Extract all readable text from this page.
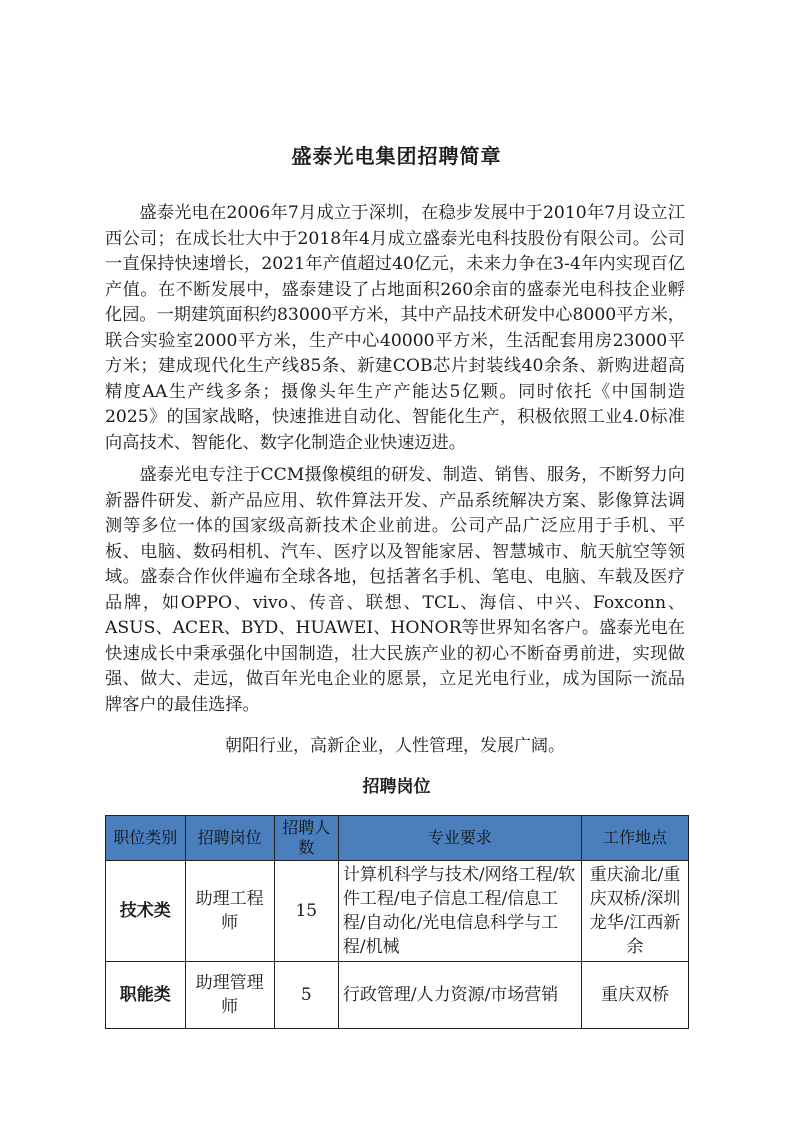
盛泰光电集团招聘简章

盛泰光电在2006年7月成立于深圳，在稳步发展中于2010年7月设立江西公司；在成长壮大中于2018年4月成立盛泰光电科技股份有限公司。公司一直保持快速增长，2021年产值超过40亿元，未来力争在3-4年内实现百亿产值。在不断发展中，盛泰建设了占地面积260余亩的盛泰光电科技企业孵化园。一期建筑面积约83000平方米，其中产品技术研发中心8000平方米，联合实验室2000平方米，生产中心40000平方米，生活配套用房23000平方米；建成现代化生产线85条、新建COB芯片封装线40余条、新购进超高精度AA生产线多条；摄像头年生产产能达5亿颗。同时依托《中国制造2025》的国家战略，快速推进自动化、智能化生产，积极依照工业4.0标准向高技术、智能化、数字化制造企业快速迈进。

盛泰光电专注于CCM摄像模组的研发、制造、销售、服务，不断努力向新器件研发、新产品应用、软件算法开发、产品系统解决方案、影像算法调测等多位一体的国家级高新技术企业前进。公司产品广泛应用于手机、平板、电脑、数码相机、汽车、医疗以及智能家居、智慧城市、航天航空等领域。盛泰合作伙伴遍布全球各地，包括著名手机、笔电、电脑、车载及医疗品牌，如OPPO、vivo、传音、联想、TCL、海信、中兴、Foxconn、ASUS、ACER、BYD、HUAWEI、HONOR等世界知名客户。盛泰光电在快速成长中秉承强化中国制造，壮大民族产业的初心不断奋勇前进，实现做强、做大、走远，做百年光电企业的愿景，立足光电行业，成为国际一流品牌客户的最佳选择。

朝阳行业，高新企业，人性管理，发展广阔。
招聘岗位
职位类别	招聘岗位	招聘人数	专业要求	工作地点
技术类	助理工程师	15	计算机科学与技术/网络工程/软件工程/电子信息工程/信息工程/自动化/光电信息科学与工程/机械	重庆渝北/重庆双桥/深圳龙华/江西新余
职能类	助理管理师	5	行政管理/人力资源/市场营销	重庆双桥
